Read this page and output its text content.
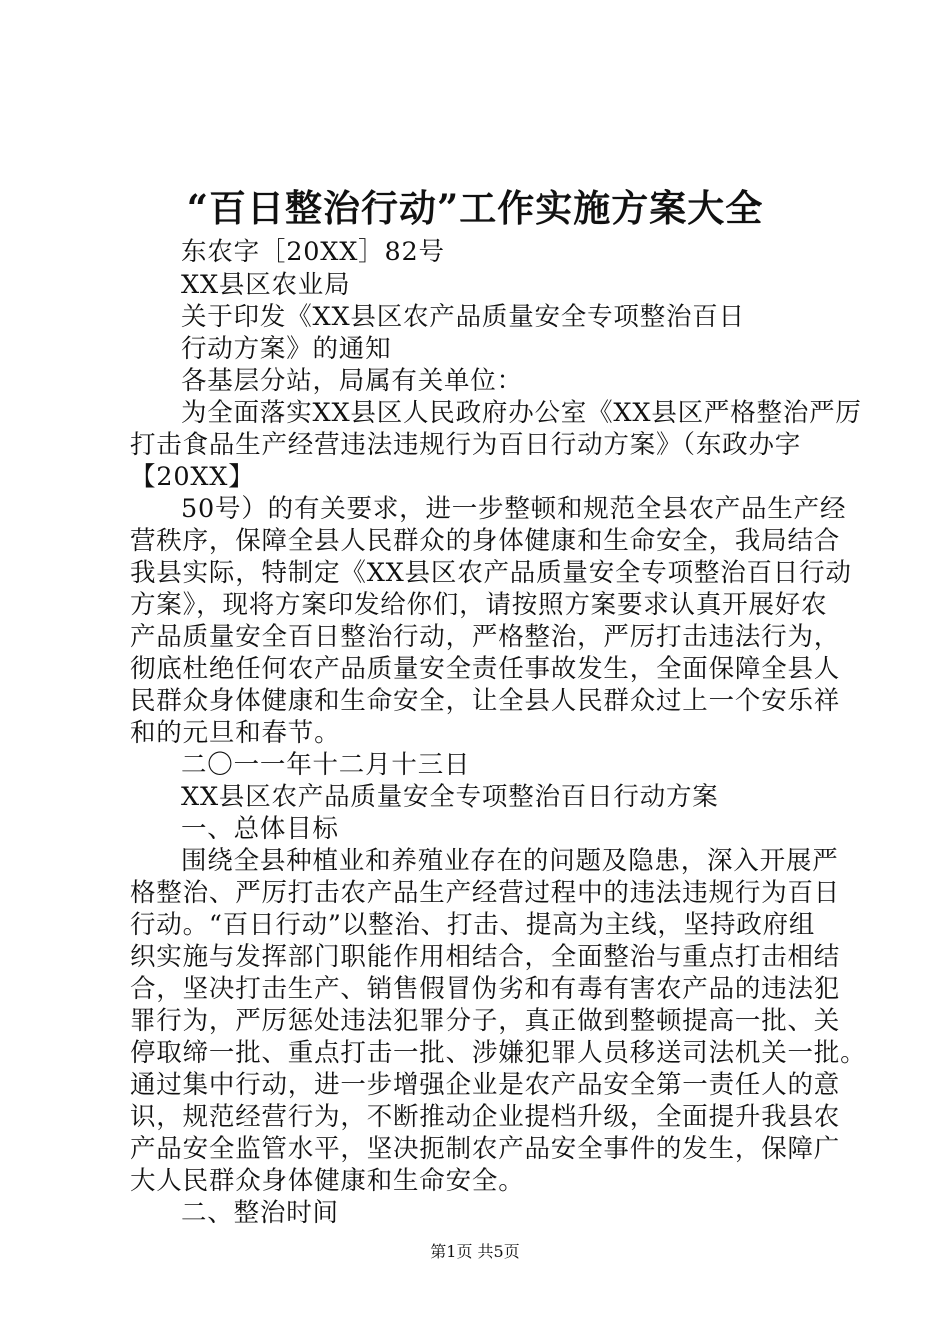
“百日整治行动”工作实施方案大全
东农字［20XX］82号
XX县区农业局
关于印发《XX县区农产品质量安全专项整治百日
行动方案》的通知
各基层分站，局属有关单位：
为全面落实XX县区人民政府办公室《XX县区严格整治严厉
打击食品生产经营违法违规行为百日行动方案》（东政办字
【20XX】
50号）的有关要求，进一步整顿和规范全县农产品生产经
营秩序，保障全县人民群众的身体健康和生命安全，我局结合
我县实际，特制定《XX县区农产品质量安全专项整治百日行动
方案》，现将方案印发给你们，请按照方案要求认真开展好农
产品质量安全百日整治行动，严格整治，严厉打击违法行为，
彻底杜绝任何农产品质量安全责任事故发生，全面保障全县人
民群众身体健康和生命安全，让全县人民群众过上一个安乐祥
和的元旦和春节。
二〇一一年十二月十三日
XX县区农产品质量安全专项整治百日行动方案
一、总体目标
围绕全县种植业和养殖业存在的问题及隐患，深入开展严
格整治、严厉打击农产品生产经营过程中的违法违规行为百日
行动。“百日行动”以整治、打击、提高为主线，坚持政府组
织实施与发挥部门职能作用相结合，全面整治与重点打击相结
合，坚决打击生产、销售假冒伪劣和有毒有害农产品的违法犯
罪行为，严厉惩处违法犯罪分子，真正做到整顿提高一批、关
停取缔一批、重点打击一批、涉嫌犯罪人员移送司法机关一批。
通过集中行动，进一步增强企业是农产品安全第一责任人的意
识，规范经营行为，不断推动企业提档升级，全面提升我县农
产品安全监管水平，坚决扼制农产品安全事件的发生，保障广
大人民群众身体健康和生命安全。
二、整治时间
第1页 共5页
